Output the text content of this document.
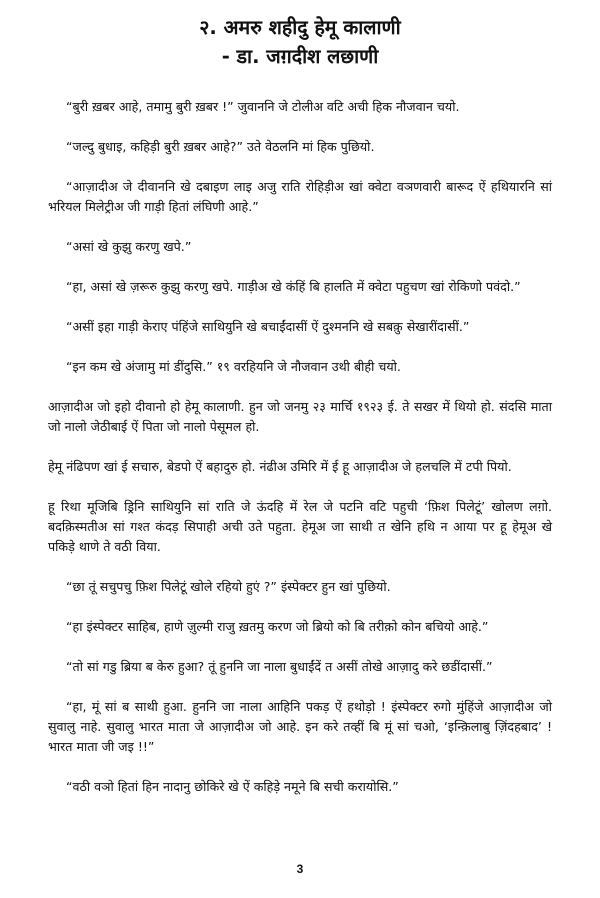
२. अमरु शहीदु हेमू कालाणी
- डा. जग़दीश लछाणी

“बुरी ख़बर आहे, तमामु बुरी ख़बर !” जुवाननि जे टोलीअ वटि अची हिक नौजवान चयो.

“जल्दु बुधाइ, कहिड़ी बुरी ख़बर आहे?” उते वेठलनि मां हिक पुछियो.

“आज़ादीअ जे दीवाननि खे दबाइण लाइ अजु राति रोहिड़ीअ खां क्वेटा वञणवारी बारूद ऐं हथियारनि सां भरियल मिलेट्रीअ जी गाड़ी हितां लंघिणी आहे.”

“असां खे कुझु करणु खपे.”

“हा, असां खे ज़रूरु कुझु करणु खपे. गाड़ीअ खे कंहिं बि हालति में क्वेटा पहुचण खां रोकिणो पवंदो.”

“असीं इहा गाड़ी केराए पंहिंजे साथियुनि खे बचाईंदासीं ऐं दुश्मननि खे सबक़ु सेखारींदासीं.”

“इन कम खे अंजामु मां डींदुसि.” १९ वरहियनि जे नौजवान उथी बीही चयो.

आज़ादीअ जो इहो दीवानो हो हेमू कालाणी. हुन जो जनमु २३ मार्चि १९२३ ई. ते सखर में थियो हो. संदसि माता जो नालो जेठीबाई ऐं पिता जो नालो पेसूमल हो.

हेमू नंढिपण खां ई सचारु, बेडपो ऐं बहादुरु हो. नंढीअ उमिरि में ई हू आज़ादीअ जे हलचलि में टपी पियो.

हू रिथा मूजिबि ड्रिनि साथियुनि सां राति जे ऊंदहि में रेल जे पटनि वटि पहुची ‘फ़िश पिलेटूं’ खोलण लग़ो. बदक़िस्मतीअ सां गश्त कंदड़ सिपाही अची उते पहुता. हेमूअ जा साथी त खेनि हथि न आया पर हू हेमूअ खे पकिड़े थाणे ते वठी विया.

“छा तूं सचुपचु फ़िश पिलेटूं खोले रहियो हुएं ?” इंस्पेक्टर हुन खां पुछियो.

“हा इंस्पेक्टर साहिब, हाणे ज़ुल्मी राजु ख़तमु करण जो ब्रियो को बि तरीक़ो कोन बचियो आहे.”

“तो सां गडु ब्रिया ब केरु हुआ? तूं हुननि जा नाला बुधाईंदें त असीं तोखे आज़ादु करे छडींदासीं.”

“हा, मूं सां ब साथी हुआ. हुननि जा नाला आहिनि पकड़ ऐं हथोड़ो ! इंस्पेक्टर रुगो मुंहिंजे आज़ादीअ जो सुवालु नाहे. सुवालु भारत माता जे आज़ादीअ जो आहे. इन करे तव्हीं बि मूं सां चओ, ‘इन्क़िलाबु ज़िंदहबाद’ ! भारत माता जी जइ !!”

“वठी वञो हितां हिन नादानु छोकिरे खे ऐं कहिड़े नमूने बि सची करायोसि.”

3
